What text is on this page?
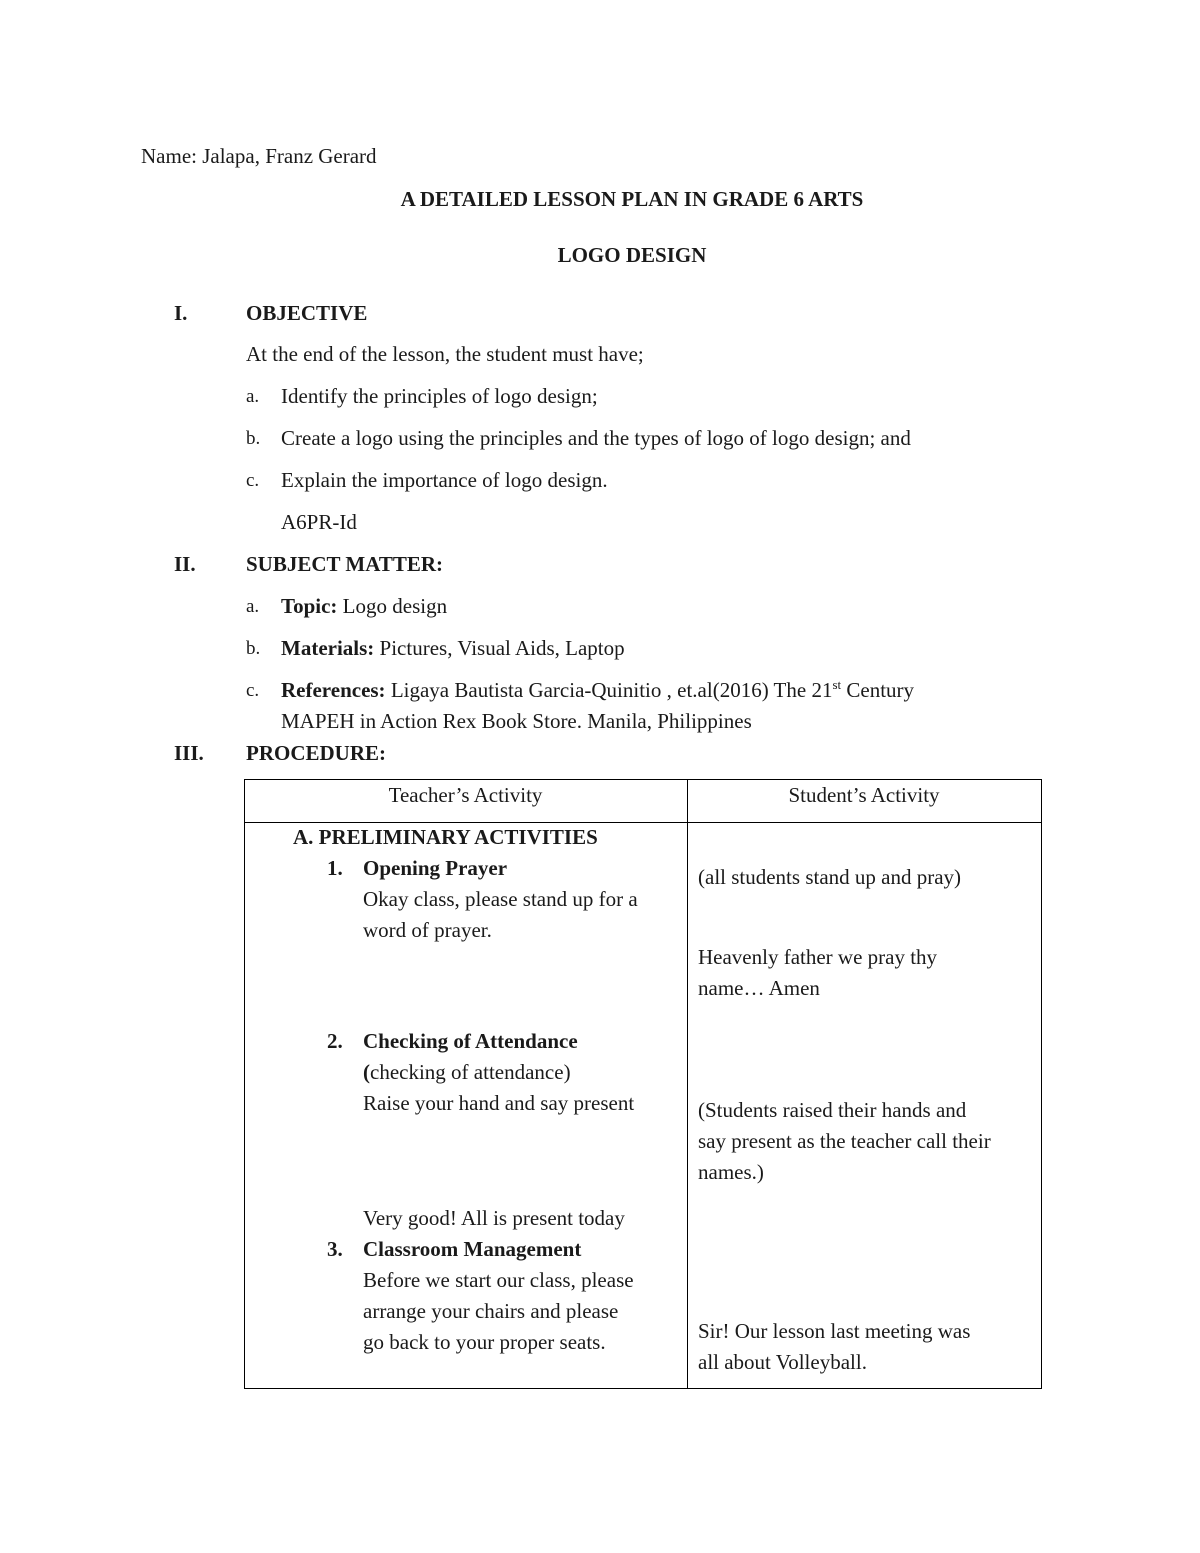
Name: Jalapa, Franz Gerard
A DETAILED LESSON PLAN IN GRADE 6 ARTS
LOGO DESIGN
I.	OBJECTIVE
At the end of the lesson, the student must have;
a. Identify the principles of logo design;
b. Create a logo using the principles and the types of logo of logo design; and
c. Explain the importance of logo design.
A6PR-Id
II. SUBJECT MATTER:
a. Topic: Logo design
b. Materials: Pictures, Visual Aids, Laptop
c. References: Ligaya Bautista Garcia-Quinitio , et.al(2016) The 21st Century
MAPEH in Action Rex Book Store. Manila, Philippines
III. PROCEDURE:
Teacher’s Activity	Student’s Activity
A. PRELIMINARY ACTIVITIES
1. Opening Prayer
Okay class, please stand up for a
word of prayer.
2. Checking of Attendance
(checking of attendance)
Raise your hand and say present
Very good! All is present today
3. Classroom Management
Before we start our class, please
arrange your chairs and please
go back to your proper seats.
(all students stand up and pray)
Heavenly father we pray thy
name… Amen
(Students raised their hands and
say present as the teacher call their
names.)
Sir! Our lesson last meeting was
all about Volleyball.
